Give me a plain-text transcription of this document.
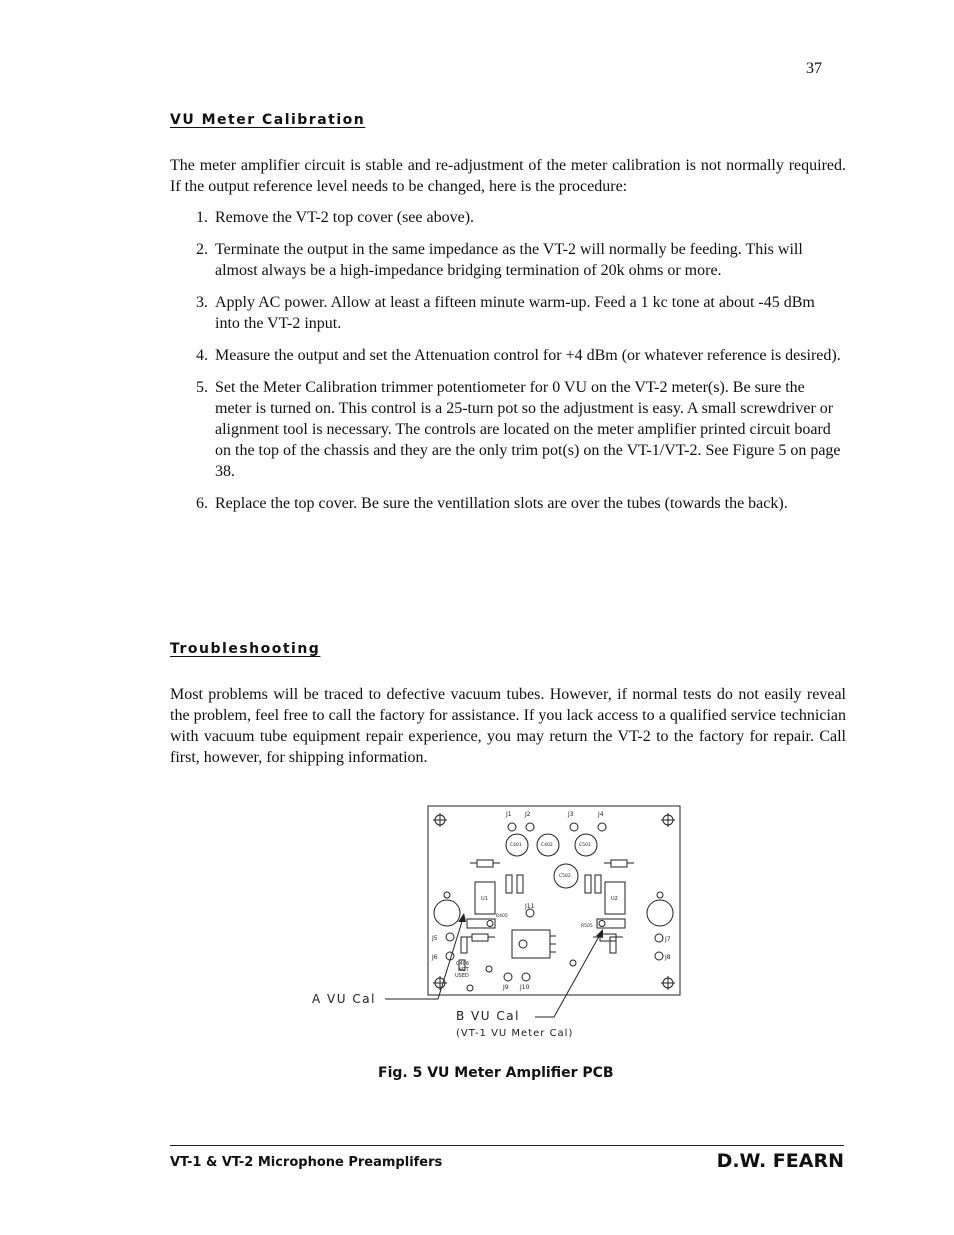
37
VU Meter Calibration
The meter amplifier circuit is stable and re-adjustment of the meter calibration is not normally required. If the output reference level needs to be changed, here is the procedure:
1. Remove the VT-2 top cover (see above).
2. Terminate the output in the same impedance as the VT-2 will normally be feeding. This will almost always be a high-impedance bridging termination of 20k ohms or more.
3. Apply AC power. Allow at least a fifteen minute warm-up. Feed a 1 kc tone at about -45 dBm into the VT-2 input.
4. Measure the output and set the Attenuation control for +4 dBm (or whatever reference is desired).
5. Set the Meter Calibration trimmer potentiometer for 0 VU on the VT-2 meter(s). Be sure the meter is turned on. This control is a 25-turn pot so the adjustment is easy. A small screwdriver or alignment tool is necessary. The controls are located on the meter amplifier printed circuit board on the top of the chassis and they are the only trim pot(s) on the VT-1/VT-2. See Figure 5 on page 38.
6. Replace the top cover. Be sure the ventillation slots are over the tubes (towards the back).
Troubleshooting
Most problems will be traced to defective vacuum tubes. However, if normal tests do not easily reveal the problem, feel free to call the factory for assistance. If you lack access to a qualified service technician with vacuum tube equipment repair experience, you may return the VT-2 to the factory for repair. Call first, however, for shipping information.
J1 J2	J3	J4
C401	C402	C501
C502
U1	U2
J11
R405
R505
J5
J6
J7
J8
J9 J10
C406
NOT
USED
A VU Cal
B VU Cal
(VT-1 VU Meter Cal)
Fig. 5 VU Meter Amplifier PCB
VT-1 & VT-2 Microphone Preamplifers	D.W. FEARN
